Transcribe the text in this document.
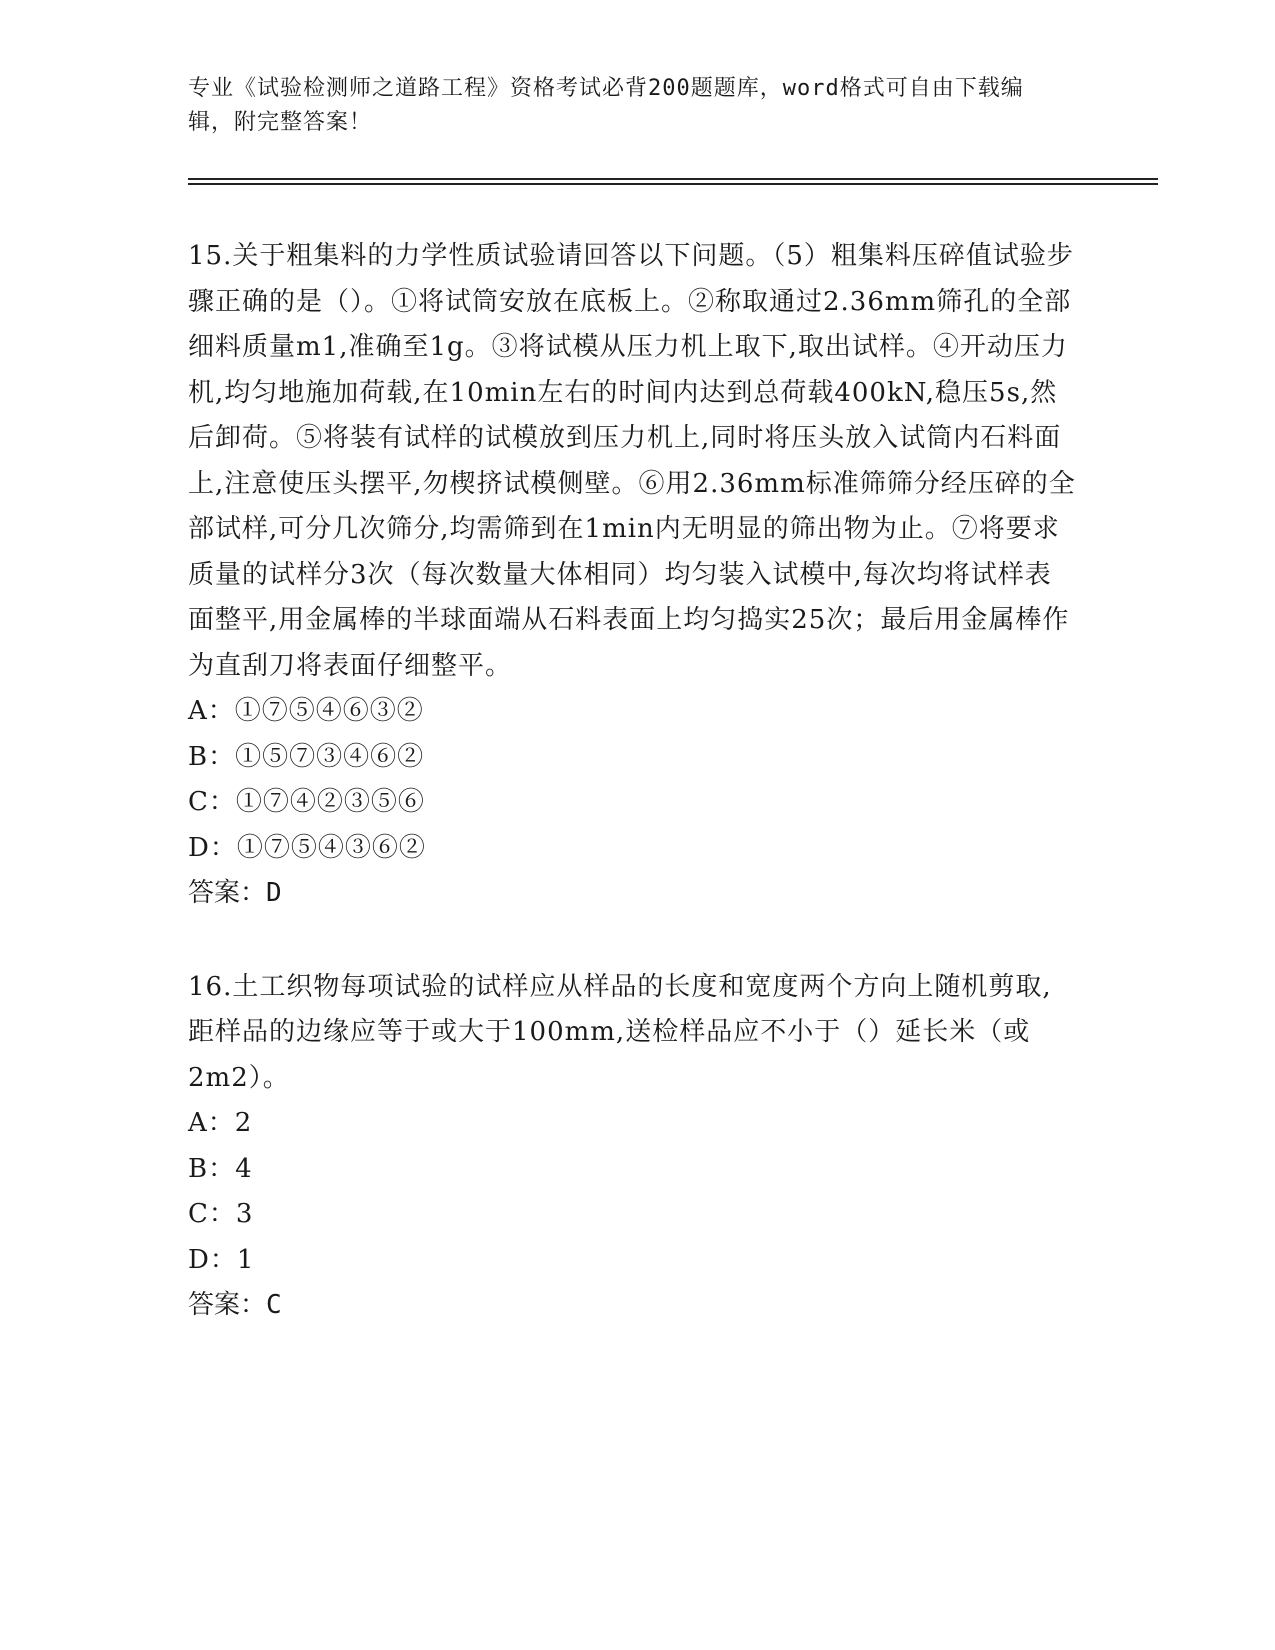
专业《试验检测师之道路工程》资格考试必背200题题库，word格式可自由下载编辑，附完整答案！

15.关于粗集料的力学性质试验请回答以下问题。（5）粗集料压碎值试验步骤正确的是（）。①将试筒安放在底板上。②称取通过2.36mm筛孔的全部细料质量m1,准确至1g。③将试模从压力机上取下,取出试样。④开动压力机,均匀地施加荷载,在10min左右的时间内达到总荷载400kN,稳压5s,然后卸荷。⑤将装有试样的试模放到压力机上,同时将压头放入试筒内石料面上,注意使压头摆平,勿楔挤试模侧壁。⑥用2.36mm标准筛筛分经压碎的全部试样,可分几次筛分,均需筛到在1min内无明显的筛出物为止。⑦将要求质量的试样分3次（每次数量大体相同）均匀装入试模中,每次均将试样表面整平,用金属棒的半球面端从石料表面上均匀捣实25次；最后用金属棒作为直刮刀将表面仔细整平。

A：①⑦⑤④⑥③②

B：①⑤⑦③④⑥②

C：①⑦④②③⑤⑥

D：①⑦⑤④③⑥②

答案：D

16.土工织物每项试验的试样应从样品的长度和宽度两个方向上随机剪取,距样品的边缘应等于或大于100mm,送检样品应不小于（）延长米（或2m2）。

A：2

B：4

C：3

D：1

答案：C
